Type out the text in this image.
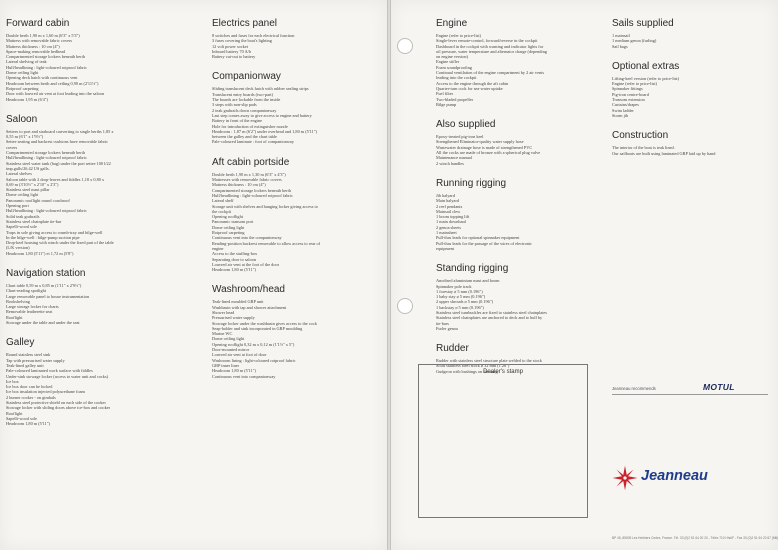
Forward cabin
Double berth 1,90 m x 1,60 m (6'3" x 5'3")
Mattress with removable fabric covers
Mattress thickness : 10 cm (4")
Space-making removable bedhead
Compartmented storage lockers beneath berth
Lateral shelving of teak
Hull/headlining : light-coloured rotproof fabric
Dome ceiling light
Opening deck hatch with continuous vent
Headroom between berth and ceiling 0,90 m (2'11½")
Rotproof carpeting
Door with louvred air vent at foot leading into the saloon
Headroom 1,95 m (6'4")
Saloon
Settees to port and starboard converting to single berths 1,85 x
0,55 m (6'1" x 1'9½")
Settee seating and backrest cushions have removable fabric
covers
Compartmented storage lockers beneath berth
Hull/headlining : light-coloured rotproof fabric
Stainless steel water tank (bag) under the port settee 100 l/22
imp.galls/26.42 US galls.
Lateral shelves
Saloon table with 2 drop-leaves and fiddles 1,18 x 0,80 x
0,69 m (3'10½" x 2'10" x 2'3")
Stainless steel mast pillar
Dome ceiling light
Panoramic rooflight round coachroof
Opening port
Hull/headlining : light-coloured rotproof fabric
Solid teak grabrails
Stainless steel chainplate tie-bar
Sapelli-wood sole
Traps in sole giving access to crumb-tray and bilge-well
In the bilge-well : bilge-pump suction pipe
Drop-keel housing with winch under the fixed part of the table
(L/K version)
Headroom 1,80 (5'11") et 1,72 m (5'8")
Navigation station
Chart table 0,59 m x 0,85 m (1'11" x 2'9½")
Chart-reading spotlight
Large removable panel to house instrumentation
Bookshelving
Large storage locker for charts
Removable leatherette seat
Rooflight
Stowage under the table and under the seat
Galley
Round stainless steel sink
Tap with pressurised water supply
Teak-lined galley unit
Pale-coloured laminated work surface with fiddles
Under-sink stowage locker (access to water unit and cocks)
Ice box
Ice box door can be locked
Ice box insulation injected polyurethane foam
2 burner cooker - on gimbals
Stainless steel protective shield on each side of the cooker
Stowage locker with sliding doors above ice-box and cooker
Rooflight
Sapelli-wood sole
Headroom 1,80 m (5'11")
Electrics panel
8 switches and fuses for each electrical function
3 fuses covering the boat's lighting
12 volt power socket
Inboard battery 70 A/h
Battery cut-out to battery
Companionway
Sliding translucent deck hatch with rubber sealing strips
Translucent entry boards (two-part)
The boards are lockable from the inside
3 steps with non-slip pads
2 teak grabrails down companionway
Last step comes away to give access to engine and battery
Battery in front of the engine
Hole for introduction of extinguisher nozzle
Headroom : 1,87 m (6'2") under overhead and 1,80 m (5'11")
between the galley and the chart table
Pale-coloured laminate : foot of companionway
Aft cabin portside
Double berth 1,90 m x 1,30 m (6'3" x 4'3")
Mattresses with removable fabric covers
Mattress thickness : 10 cm (4")
Compartmented storage lockers beneath berth
Hull/headlining : light-coloured rotproof fabric
Lateral shelf
Storage unit with shelves and hanging locker giving access to
the cockpit
Opening rooflight
Panoramic transom port
Dome ceiling light
Rotproof carpeting
Continuous vent into the companionway
Reading-position backrest removable to allow access to rear of
engine
Access to the stuffing-box
Separating door to saloon
Louvred air vent at the foot of the door
Headroom 1,80 m (5'11")
Washroom/head
Teak-lined moulded GRP unit
Washbasin with tap and shower attachment
Shower head
Pressurised water supply
Stowage locker under the washbasin gives access to the cock
Seap-holder and sink incorporated in GRP moulding
Marine WC
Dome ceiling light
Opening rooflight 0,32 m x 0,12 m (1'1½" x 5")
Door-mounted mirror
Louvred air vent at foot of door
Washroom lining : light-coloured rotproof fabric
GRP inner liner
Headroom 1,80 m (5'11")
Continuous vent into companionway
Engine
Engine (refer to price-list)
Single-lever remote-control, forward/reverse in the cockpit
Dashboard in the cockpit with warning and indicator lights for
oil pressure, water temperature and alternator charge (depending
on engine version)
Engine stifler
Foam soundproofing
Continual ventilation of the engine compartment by 2 air vents
leading into the cockpit
Access to the engine through the aft cabin
Quarter-turn cock for sea-water uptake
Fuel filter
Two-bladed propeller
Bilge pump
Also supplied
Epoxy-treated pig-iron keel
Strengthened Eliminator-quality water supply hose
Wastewater drainage hose is made of strengthened PVC
All the cocks are made of bronze with a spherical plug valve
Maintenance manual
2 winch handles
Running rigging
Jib halyard
Main halyard
2 reef pendants
Mainsail clew
1 boom topping lift
1 main downhaul
2 genoa sheets
1 mainsheet
Pull-thru leads for optional spinnaker equipment
Pull-thru leads for the passage of the wires of electronic
equipment
Standing rigging
Anodised aluminium mast and boom
Spinnaker pole track
1 forestay ø 5 mm (0.196")
1 baby stay ø 5 mm (0.196")
2 upper shrouds ø 5 mm (0.196")
1 backstay ø 5 mm (0.196")
Stainless steel turnbuckles are fixed to stainless steel chainplates
Stainless steel chainplates are anchored to deck and to hull by
tie-bars
Furler genoa
Rudder
Rudder with stainless steel structure plate welded to the stock
Solid stainless steel stock ø 32 mm (1.26")
Gudgeon with bushings on the skeg
Sails supplied
1 mainsail
1 medium genoa (furling)
Sail bags
Optional extras
Lifting-keel version (refer to price-list)
Engine (refer to price-list)
Spinnaker fittings
Pig-iron centre-board
Transom extension
Curtains/drapes
Swim ladder
Storm jib
Construction
The interior of the boat is teak lined.
Our sailboats are built using laminated GRP laid up by hand
Dealer's stamp
Jeanneau recommends	MOTUL
Jeanneau
BP 45, 85505 Les Herbiers Cedex, France. Tél. 33 (0)2 51 64 20 20 - Téléx 710 Hhd/F - Fax 33 (0)2 51 64 20 67 (Mtl)
